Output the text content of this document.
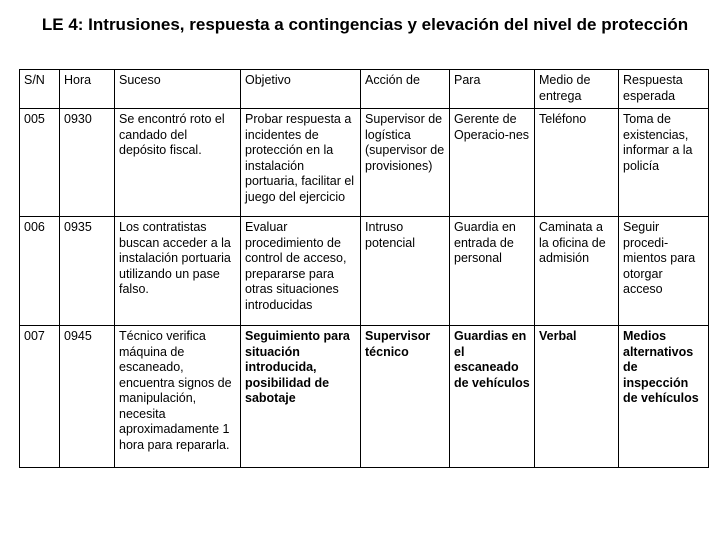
LE 4: Intrusiones, respuesta a contingencias y elevación del nivel de protección
S/N	Hora	Suceso	Objetivo	Acción de	Para	Medio de entrega	Respuesta esperada
005	0930	Se encontró roto el candado del depósito fiscal.	Probar respuesta a incidentes de protección en la instalación portuaria, facilitar el juego del ejercicio	Supervisor de logística (supervisor de provisiones)	Gerente de Operacio-nes	Teléfono	Toma de existencias, informar a la policía
006	0935	Los contratistas buscan acceder a la instalación portuaria utilizando un pase falso.	Evaluar procedimiento de control de acceso, prepararse para otras situaciones introducidas	Intruso potencial	Guardia en entrada de personal	Caminata a la oficina de admisión	Seguir procedi-mientos para otorgar acceso
007	0945	Técnico verifica máquina de escaneado, encuentra signos de manipulación, necesita aproximadamente 1 hora para repararla.	Seguimiento para situación introducida, posibilidad de sabotaje	Supervisor técnico	Guardias en el escaneado de vehículos	Verbal	Medios alternativos de inspección de vehículos
